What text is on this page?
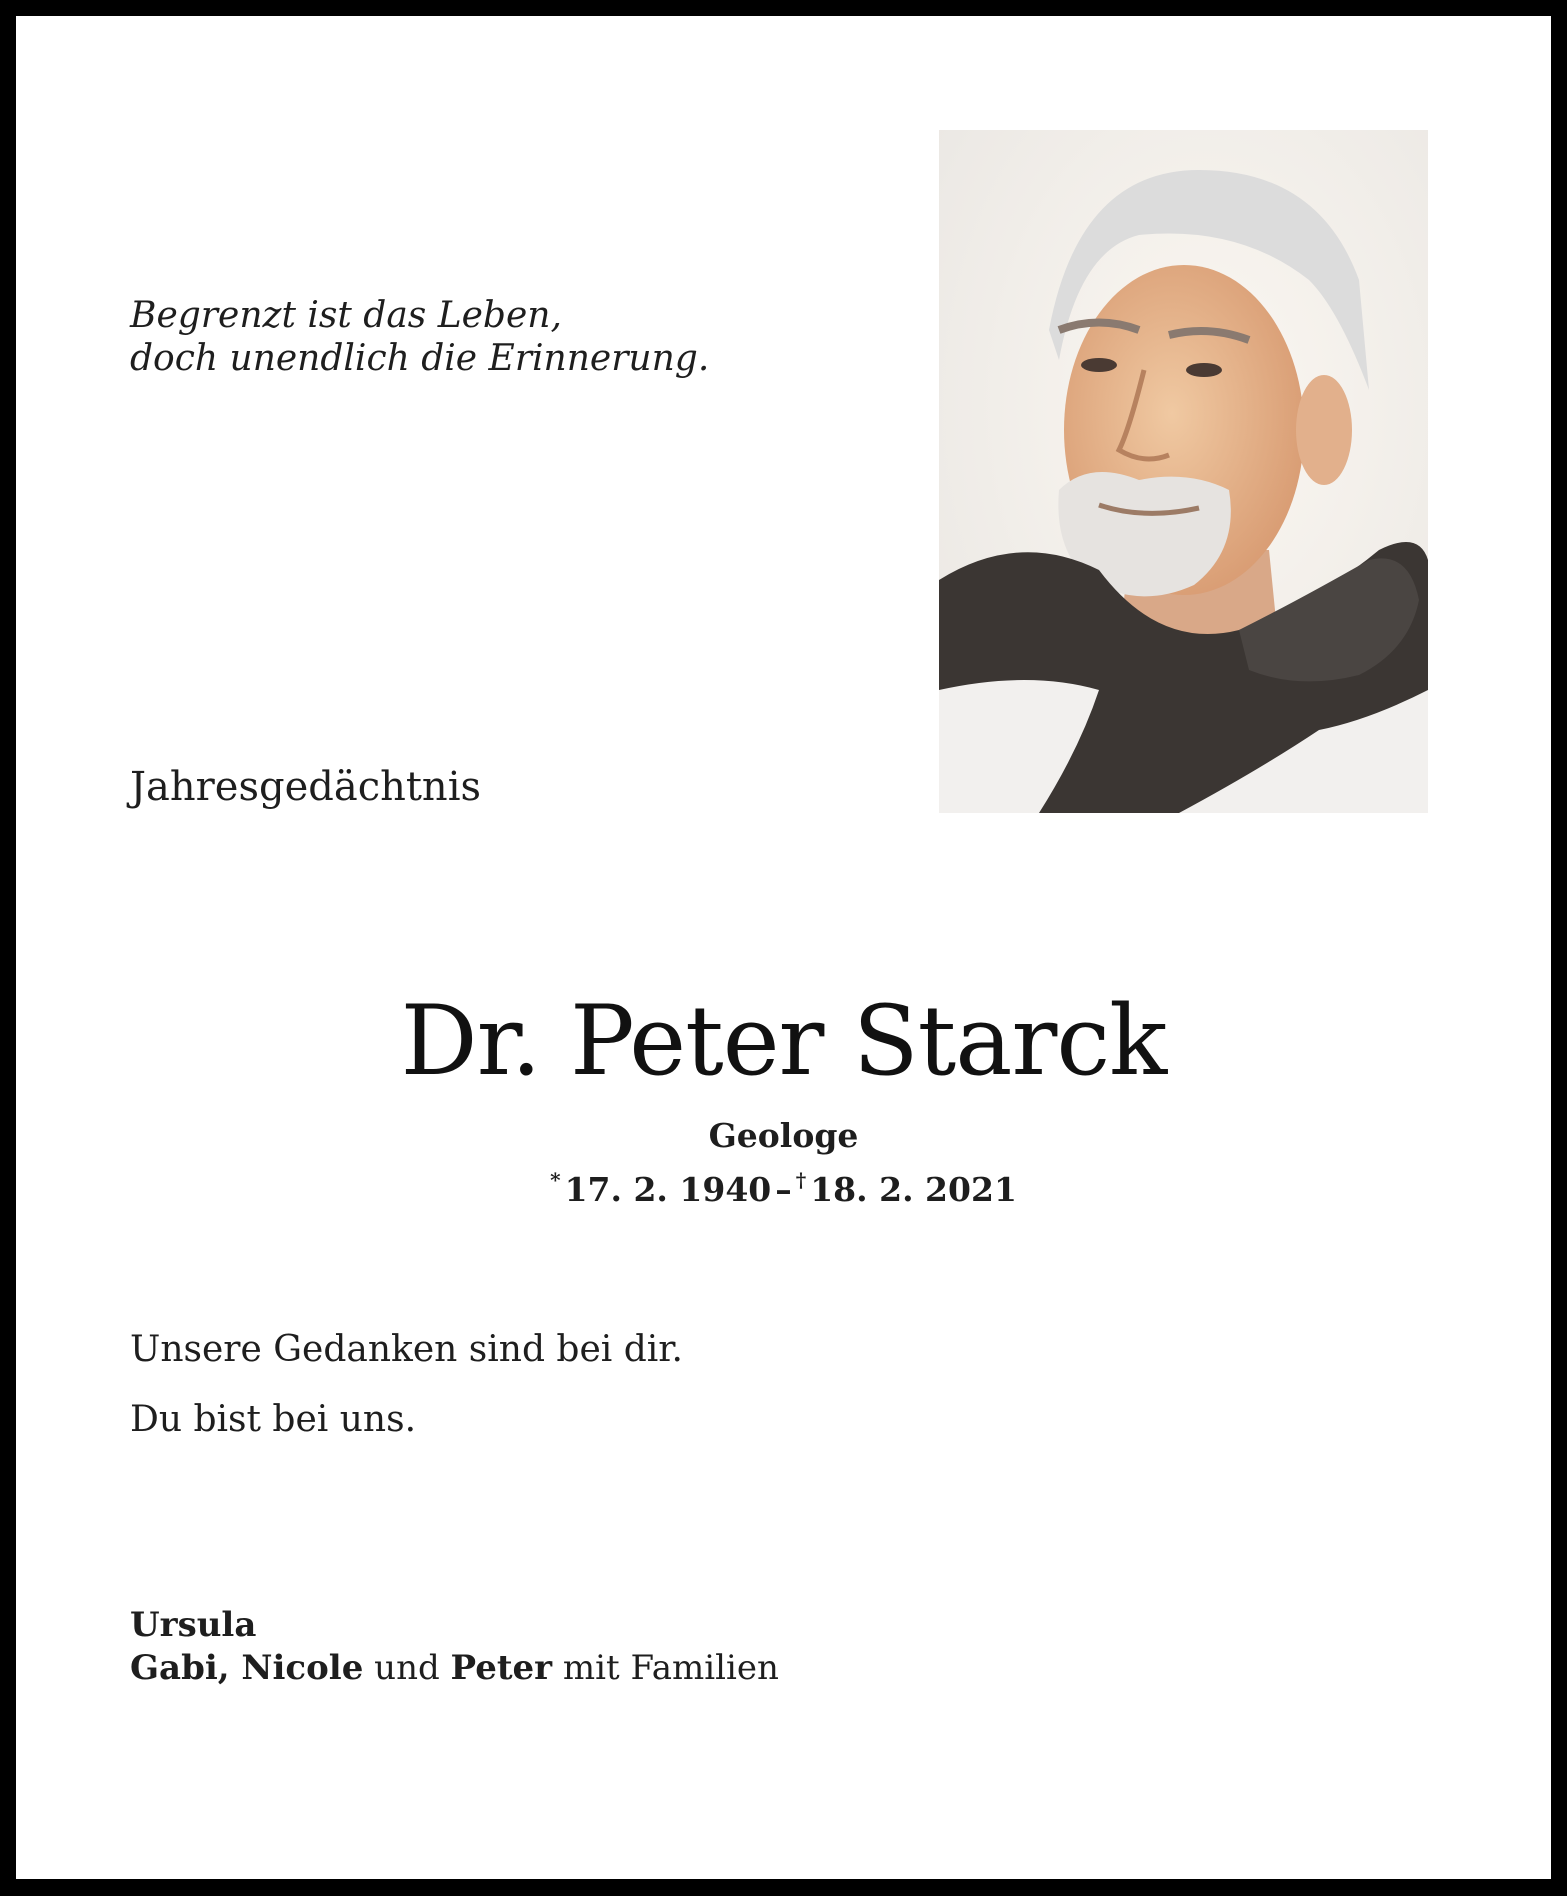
Begrenzt ist das Leben,
doch unendlich die Erinnerung.
Jahresgedächtnis
Dr. Peter Starck
Geologe
* 17. 2. 1940 – † 18. 2. 2021
Unsere Gedanken sind bei dir.
Du bist bei uns.
Ursula
Gabi, Nicole und Peter mit Familien
